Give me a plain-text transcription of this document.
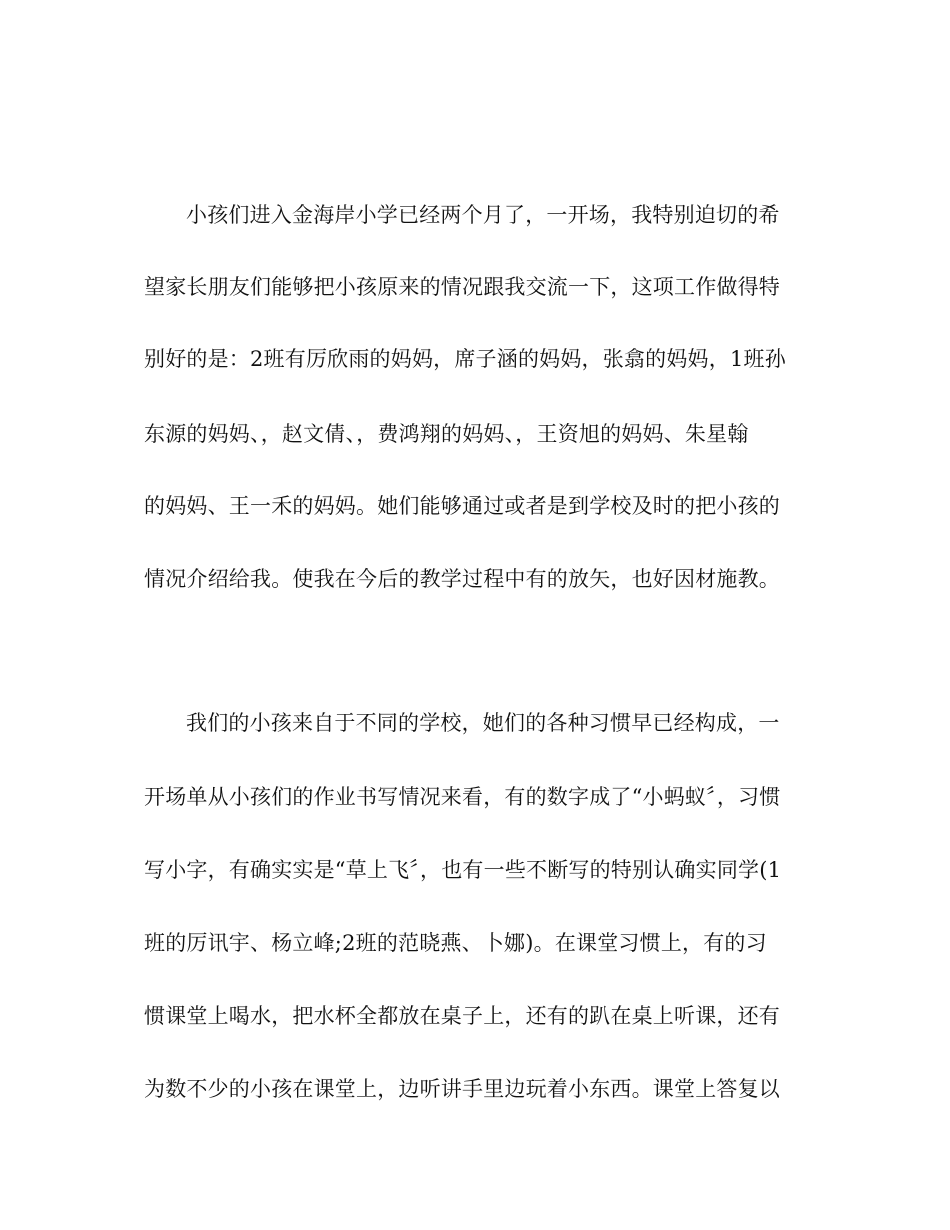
小孩们进入金海岸小学已经两个月了，一开场，我特别迫切的希
望家长朋友们能够把小孩原来的情况跟我交流一下，这项工作做得特
别好的是：2班有厉欣雨的妈妈，席子涵的妈妈，张翕的妈妈，1班孙
东源的妈妈、，赵文倩、，费鸿翔的妈妈、，王资旭的妈妈、朱星翰
的妈妈、王一禾的妈妈。她们能够通过或者是到学校及时的把小孩的
情况介绍给我。使我在今后的教学过程中有的放矢，也好因材施教。
我们的小孩来自于不同的学校，她们的各种习惯早已经构成，一
开场单从小孩们的作业书写情况来看，有的数字成了“小蚂蚁〞，习惯
写小字，有确实实是“草上飞〞，也有一些不断写的特别认确实同学(1
班的厉讯宇、杨立峰;2班的范晓燕、卜娜)。在课堂习惯上，有的习
惯课堂上喝水，把水杯全都放在桌子上，还有的趴在桌上听课，还有
为数不少的小孩在课堂上，边听讲手里边玩着小东西。课堂上答复以
